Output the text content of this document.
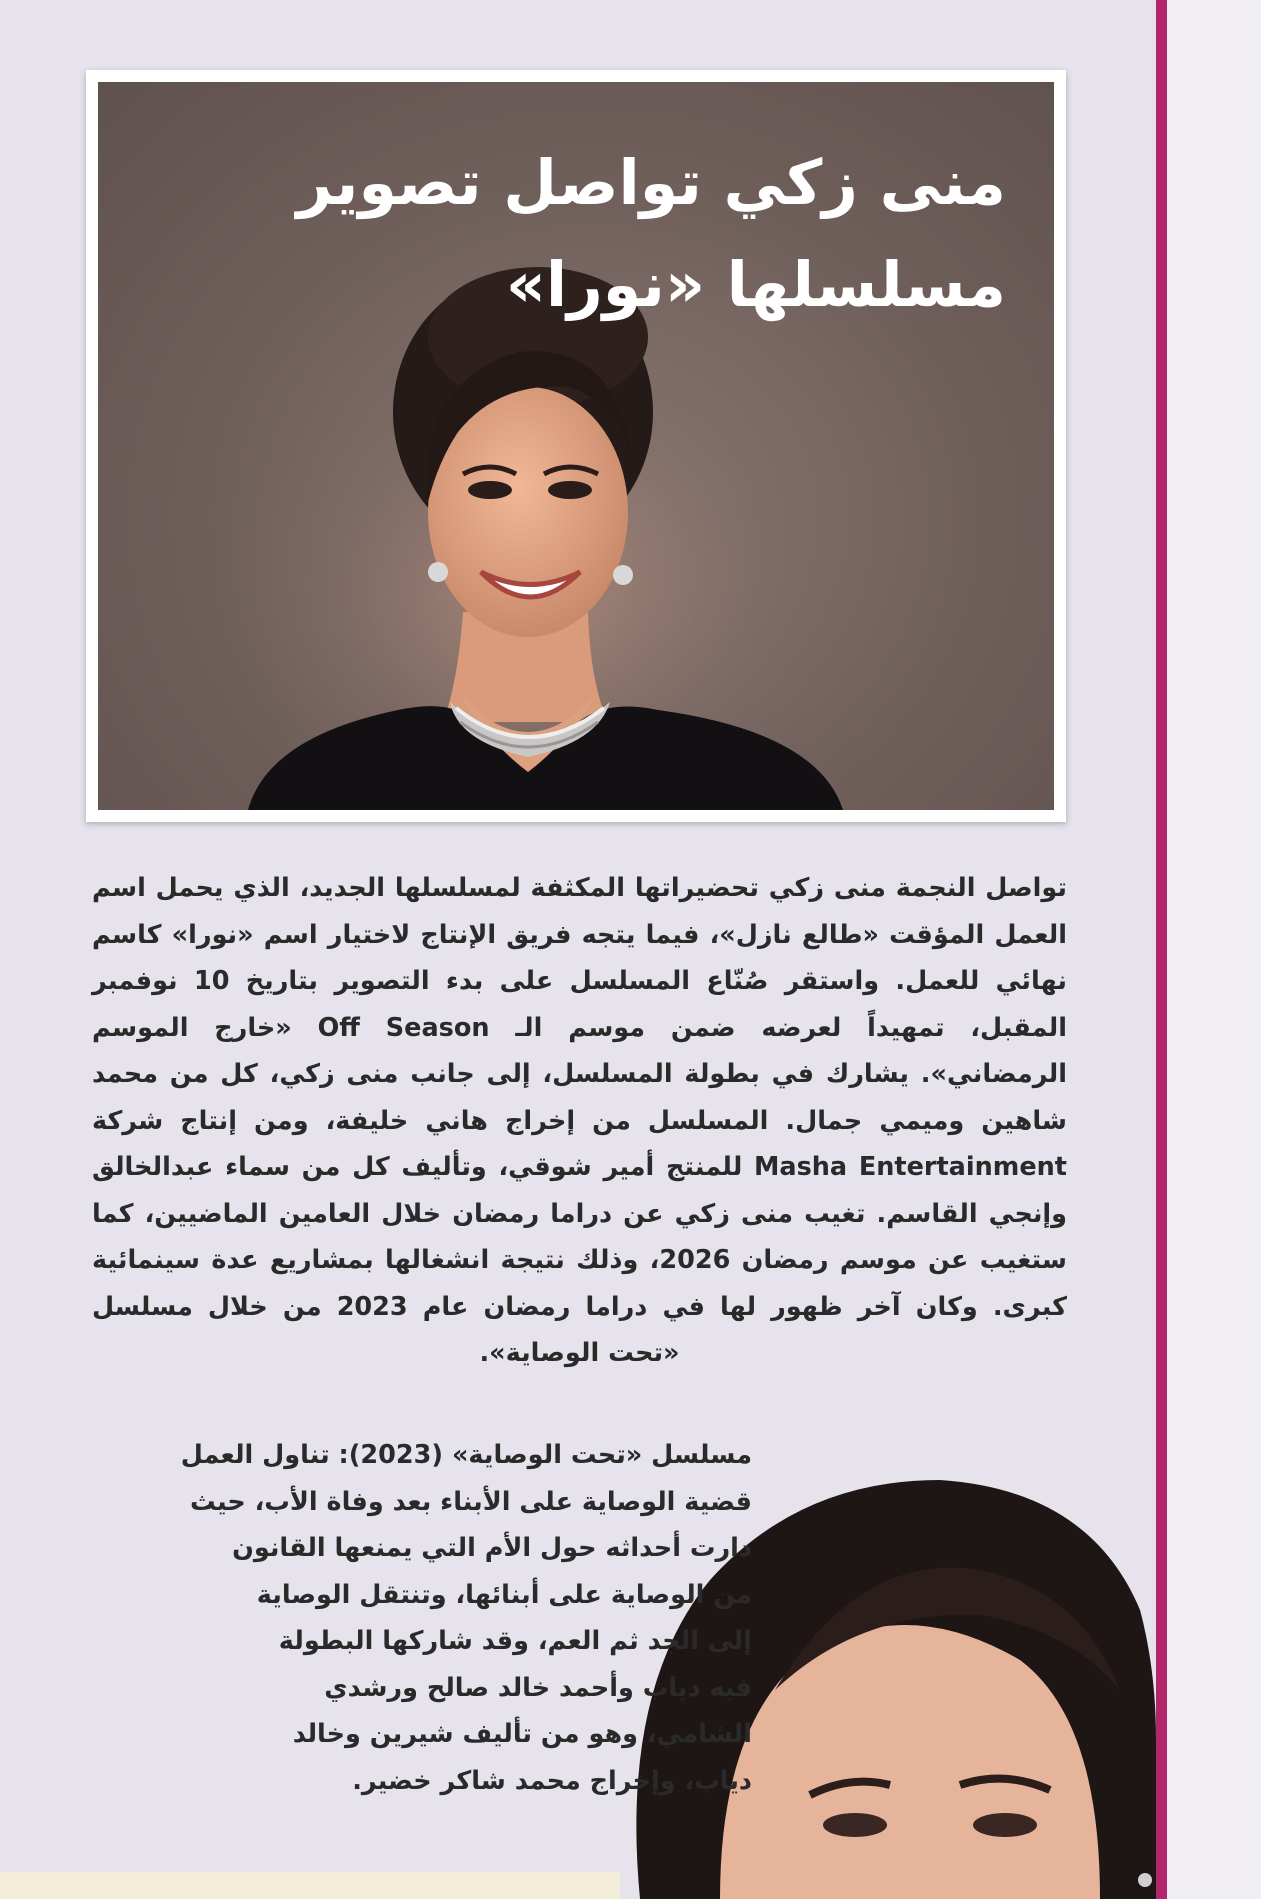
منى زكي تواصل تصوير
مسلسلها «نورا»

تواصل النجمة منى زكي تحضيراتها المكثفة لمسلسلها الجديد، الذي يحمل اسم العمل المؤقت «طالع نازل»، فيما يتجه فريق الإنتاج لاختيار اسم «نورا» كاسم نهائي للعمل. واستقر صُنّاع المسلسل على بدء التصوير بتاريخ 10 نوفمبر المقبل، تمهيداً لعرضه ضمن موسم الـ Off Season «خارج الموسم الرمضاني». يشارك في بطولة المسلسل، إلى جانب منى زكي، كل من محمد شاهين وميمي جمال. المسلسل من إخراج هاني خليفة، ومن إنتاج شركة Masha Entertainment للمنتج أمير شوقي، وتأليف كل من سماء عبدالخالق وإنجي القاسم. تغيب منى زكي عن دراما رمضان خلال العامين الماضيين، كما ستغيب عن موسم رمضان 2026، وذلك نتيجة انشغالها بمشاريع عدة سينمائية كبرى. وكان آخر ظهور لها في دراما رمضان عام 2023 من خلال مسلسل «تحت الوصاية».

مسلسل «تحت الوصاية» (2023): تناول العمل
قضية الوصاية على الأبناء بعد وفاة الأب، حيث
دارت أحداثه حول الأم التي يمنعها القانون
من الوصاية على أبنائها، وتنتقل الوصاية
إلى الجد ثم العم، وقد شاركها البطولة
فيه دياب وأحمد خالد صالح ورشدي
الشامي، وهو من تأليف شيرين وخالد
دياب، وإخراج محمد شاكر خضير.
